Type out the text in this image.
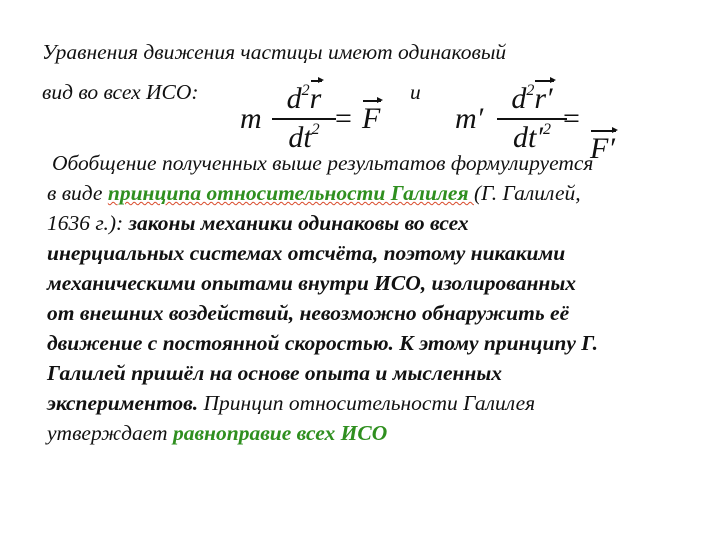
Уравнения движения частицы имеют одинаковый
вид во всех ИСО:	и
m
$d^2r$
$dt^2 = F$	m′
$d^2r'$
$dt'^2$ =
F′
Обобщение полученных выше результатов формулируется
в виде принципа относительности Галилея (Г. Галилей,
1636 г.): законы механики одинаковы во всех
инерциальных системах отсчёта, поэтому никакими
механическими опытами внутри ИСО, изолированных
от внешних воздействий, невозможно обнаружить её
движение с постоянной скоростью. К этому принципу Г.
Галилей пришёл на основе опыта и мысленных
экспериментов. Принцип относительности Галилея
утверждает равноправие всех ИСО
